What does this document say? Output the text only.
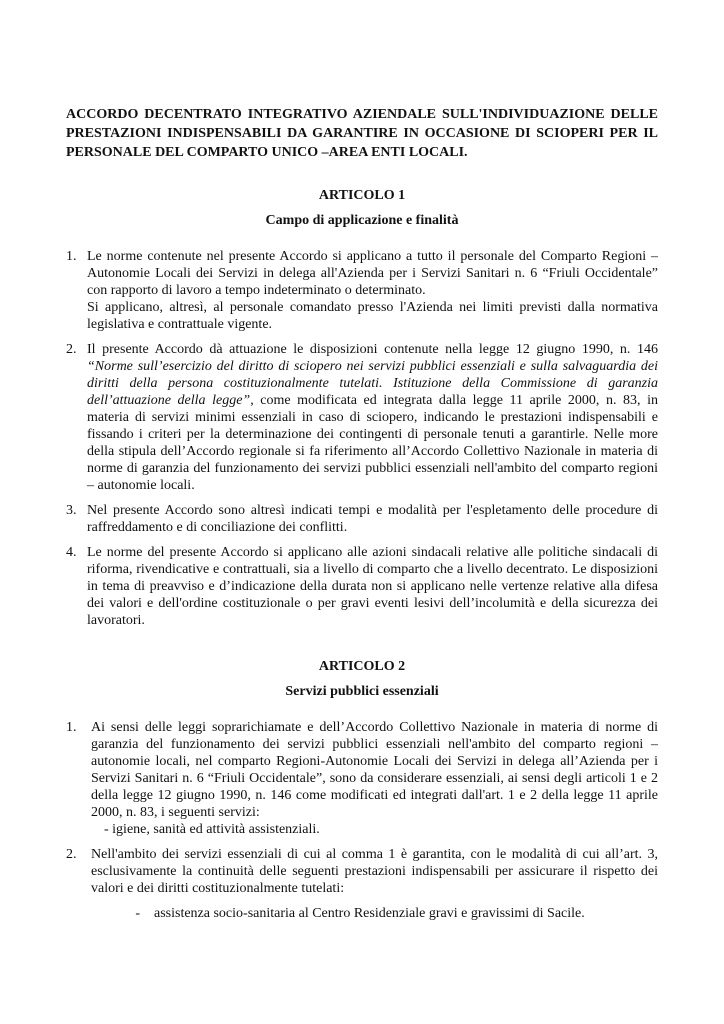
ACCORDO DECENTRATO INTEGRATIVO AZIENDALE SULL'INDIVIDUAZIONE DELLE PRESTAZIONI INDISPENSABILI DA GARANTIRE IN OCCASIONE DI SCIOPERI PER IL PERSONALE DEL COMPARTO UNICO –AREA ENTI LOCALI.

ARTICOLO 1

Campo di applicazione e finalità

1. Le norme contenute nel presente Accordo si applicano a tutto il personale del Comparto Regioni – Autonomie Locali dei Servizi in delega all'Azienda per i Servizi Sanitari n. 6 “Friuli Occidentale” con rapporto di lavoro a tempo indeterminato o determinato.

Si applicano, altresì, al personale comandato presso l'Azienda nei limiti previsti dalla normativa legislativa e contrattuale vigente.

2. Il presente Accordo dà attuazione le disposizioni contenute nella legge 12 giugno 1990, n. 146 “Norme sull’esercizio del diritto di sciopero nei servizi pubblici essenziali e sulla salvaguardia dei diritti della persona costituzionalmente tutelati. Istituzione della Commissione di garanzia dell’attuazione della legge”, come modificata ed integrata dalla legge 11 aprile 2000, n. 83, in materia di servizi minimi essenziali in caso di sciopero, indicando le prestazioni indispensabili e fissando i criteri per la determinazione dei contingenti di personale tenuti a garantirle. Nelle more della stipula dell’Accordo regionale si fa riferimento all’Accordo Collettivo Nazionale in materia di norme di garanzia del funzionamento dei servizi pubblici essenziali nell'ambito del comparto regioni – autonomie locali.

3. Nel presente Accordo sono altresì indicati tempi e modalità per l'espletamento delle procedure di raffreddamento e di conciliazione dei conflitti.

4. Le norme del presente Accordo si applicano alle azioni sindacali relative alle politiche sindacali di riforma, rivendicative e contrattuali, sia a livello di comparto che a livello decentrato. Le disposizioni in tema di preavviso e d’indicazione della durata non si applicano nelle vertenze relative alla difesa dei valori e dell'ordine costituzionale o per gravi eventi lesivi dell’incolumità e della sicurezza dei lavoratori.

ARTICOLO 2

Servizi pubblici essenziali

1.	Ai sensi delle leggi soprarichiamate e dell’Accordo Collettivo Nazionale in materia di norme di garanzia del funzionamento dei servizi pubblici essenziali nell'ambito del comparto regioni – autonomie locali, nel comparto Regioni-Autonomie Locali dei Servizi in delega all’Azienda per i Servizi Sanitari n. 6 “Friuli Occidentale”, sono da considerare essenziali, ai sensi degli articoli 1 e 2 della legge 12 giugno 1990, n. 146 come modificati ed integrati dall'art. 1 e 2 della legge 11 aprile 2000, n. 83, i seguenti servizi:

- igiene, sanità ed attività assistenziali.

2.	Nell'ambito dei servizi essenziali di cui al comma 1 è garantita, con le modalità di cui all’art. 3, esclusivamente la continuità delle seguenti prestazioni indispensabili per assicurare il rispetto dei valori e dei diritti costituzionalmente tutelati:

-	assistenza socio-sanitaria al Centro Residenziale gravi e gravissimi di Sacile.
